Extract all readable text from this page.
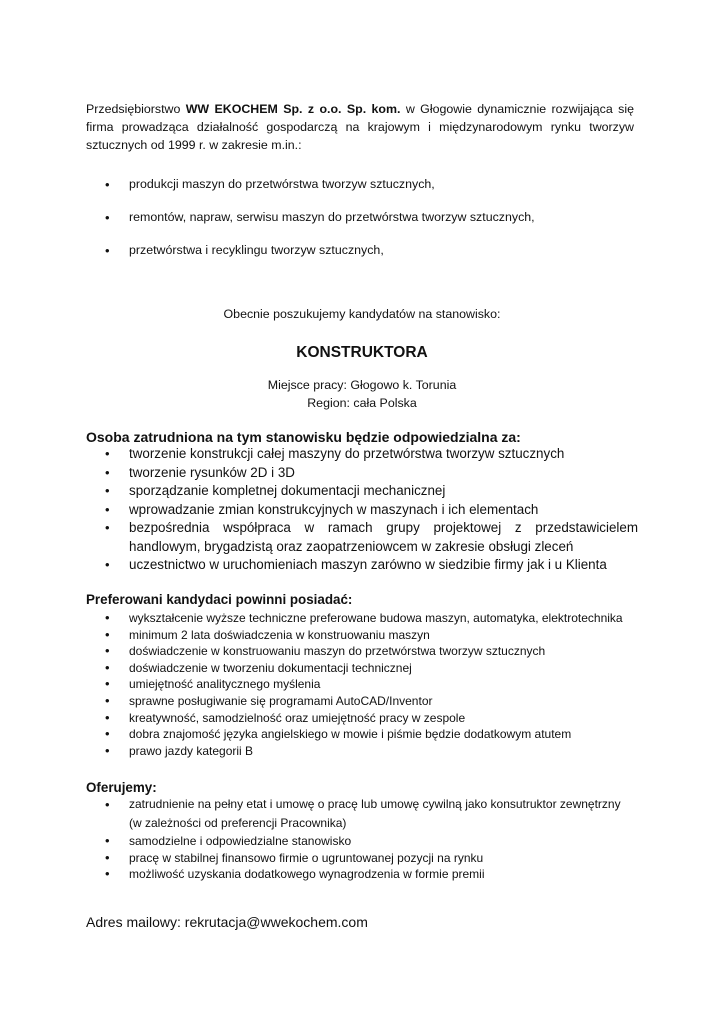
Przedsiębiorstwo WW EKOCHEM Sp. z o.o. Sp. kom. w Głogowie dynamicznie rozwijająca się firma prowadząca działalność gospodarczą na krajowym i międzynarodowym rynku tworzyw sztucznych od 1999 r. w zakresie m.in.:

• produkcji maszyn do przetwórstwa tworzyw sztucznych,
• remontów, napraw, serwisu maszyn do przetwórstwa tworzyw sztucznych,
• przetwórstwa i recyklingu tworzyw sztucznych,

Obecnie poszukujemy kandydatów na stanowisko:

KONSTRUKTORA

Miejsce pracy: Głogowo k. Torunia

Region: cała Polska

Osoba zatrudniona na tym stanowisku będzie odpowiedzialna za:

• tworzenie konstrukcji całej maszyny do przetwórstwa tworzyw sztucznych
• tworzenie rysunków 2D i 3D
• sporządzanie kompletnej dokumentacji mechanicznej
• wprowadzanie zmian konstrukcyjnych w maszynach i ich elementach
• bezpośrednia współpraca w ramach grupy projektowej z przedstawicielem handlowym, brygadzistą oraz zaopatrzeniowcem w zakresie obsługi zleceń
• uczestnictwo w uruchomieniach maszyn zarówno w siedzibie firmy jak i u Klienta

Preferowani kandydaci powinni posiadać:

• wykształcenie wyższe techniczne preferowane budowa maszyn, automatyka, elektrotechnika
• minimum 2 lata doświadczenia w konstruowaniu maszyn
• doświadczenie w konstruowaniu maszyn do przetwórstwa tworzyw sztucznych
• doświadczenie w tworzeniu dokumentacji technicznej
• umiejętność analitycznego myślenia
• sprawne posługiwanie się programami AutoCAD/Inventor
• kreatywność, samodzielność oraz umiejętność pracy w zespole
• dobra znajomość języka angielskiego w mowie i piśmie będzie dodatkowym atutem
• prawo jazdy kategorii B

Oferujemy:

• zatrudnienie na pełny etat i umowę o pracę lub umowę cywilną jako konsutruktor zewnętrzny
(w zależności od preferencji Pracownika)
• samodzielne i odpowiedzialne stanowisko
• pracę w stabilnej finansowo firmie o ugruntowanej pozycji na rynku
• możliwość uzyskania dodatkowego wynagrodzenia w formie premii

Adres mailowy: rekrutacja@wwekochem.com
